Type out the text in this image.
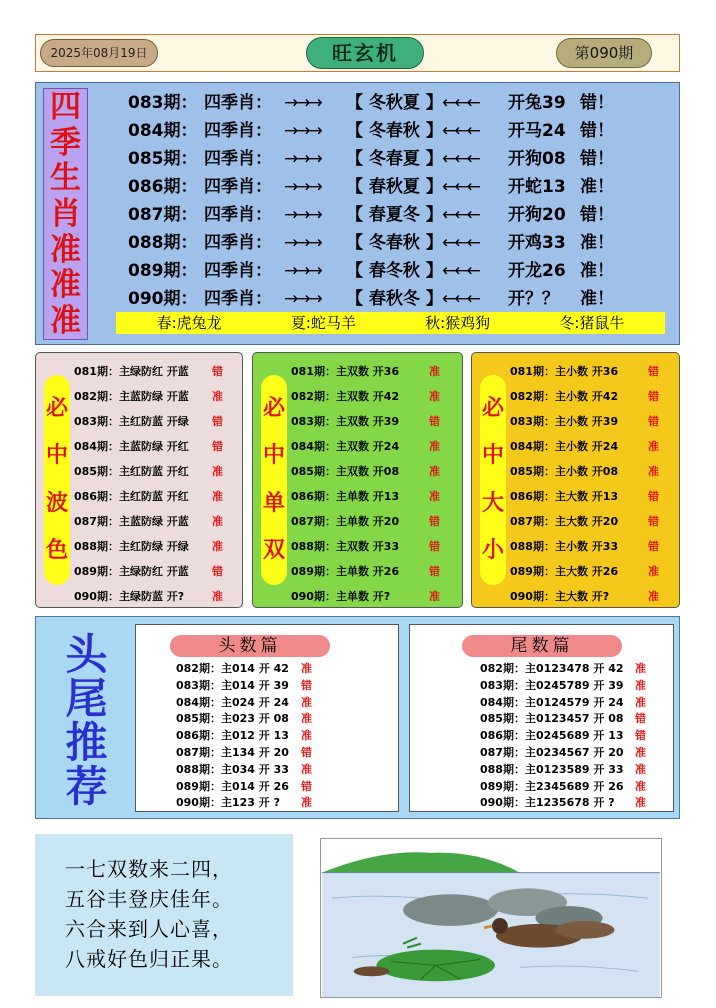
2025年08月19日	旺玄机	第090期
四
季
生
肖
准
准
准
083期： 四季肖： →→→ 【 冬秋夏 】←←← 开兔39 错！
084期： 四季肖： →→→ 【 冬春秋 】←←← 开马24 错！
085期： 四季肖： →→→ 【 冬春夏 】←←← 开狗08 错！
086期： 四季肖： →→→ 【 春秋夏 】←←← 开蛇13 准！
087期： 四季肖： →→→ 【 春夏冬 】←←← 开狗20 错！
088期： 四季肖： →→→ 【 冬春秋 】←←← 开鸡33 准！
089期： 四季肖： →→→ 【 春冬秋 】←←← 开龙26 准！
090期： 四季肖： →→→ 【 春秋冬 】←←← 开？？ 准！
春:虎兔龙	夏:蛇马羊	秋:猴鸡狗	冬:猪鼠牛
必
中
波
色
081期：主绿防红 开蓝 错
082期：主蓝防绿 开蓝 准
083期：主红防蓝 开绿 错
084期：主蓝防绿 开红 错
085期：主红防蓝 开红 准
086期：主红防蓝 开红 准
087期：主蓝防绿 开蓝 准
088期：主红防绿 开绿 准
089期：主绿防红 开蓝 错
090期：主绿防蓝 开?	准
必
中
单
双
081期：主双数 开36	准
082期：主双数 开42	准
083期：主双数 开39	错
084期：主双数 开24	准
085期：主双数 开08	准
086期：主单数 开13	准
087期：主单数 开20	错
088期：主双数 开33	错
089期：主单数 开26	错
090期：主单数 开?	准
必
中
大
小
081期：主小数 开36	错
082期：主小数 开42	错
083期：主小数 开39	错
084期：主小数 开24	准
085期：主小数 开08	准
086期：主大数 开13	错
087期：主大数 开20	错
088期：主小数 开33	错
089期：主大数 开26	准
090期：主大数 开?	准
头
尾
推
荐
头数篇
082期：主014 开 42 准
083期：主014 开 39 错
084期：主024 开 24 准
085期：主023 开 08 准
086期：主012 开 13 准
087期：主134 开 20 错
088期：主034 开 33 准
089期：主014 开 26 错
090期：主123 开 ? 准
尾数篇
082期：主0123478 开 42 准
083期：主0245789 开 39 准
084期：主0124579 开 24 准
085期：主0123457 开 08 错
086期：主0245689 开 13 错
087期：主0234567 开 20 准
088期：主0123589 开 33 准
089期：主2345689 开 26 准
090期：主1235678 开 ? 准
一七双数来二四，
五谷丰登庆佳年。
六合来到人心喜，
八戒好色归正果。
